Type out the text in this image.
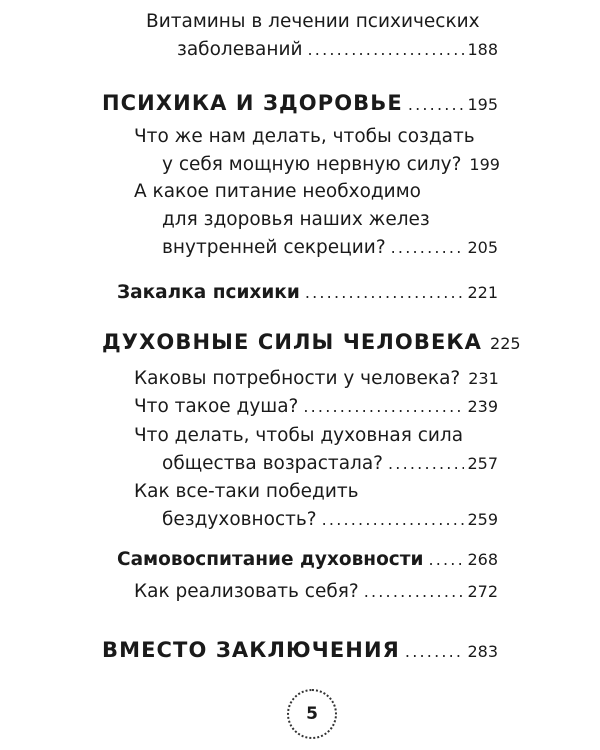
Витамины в лечении психических
заболеваний .....	188
ПСИХИКА И ЗДОРОВЬЕ .....	195
Что же нам делать, чтобы создать
у себя мощную нервную силу? 199
А какое питание необходимо
для здоровья наших желез
внутренней секреции? .....	205
Закалка психики .....	221
ДУХОВНЫЕ СИЛЫ ЧЕЛОВЕКА 225
Каковы потребности у человека? 231
Что такое душа? .....	239
Что делать, чтобы духовная сила
общества возрастала? .....	257
Как все-таки победить
бездуховность? .....	259
Самовоспитание духовности .....	268
Как реализовать себя? .....	272
ВМЕСТО ЗАКЛЮЧЕНИЯ .....	283
5
